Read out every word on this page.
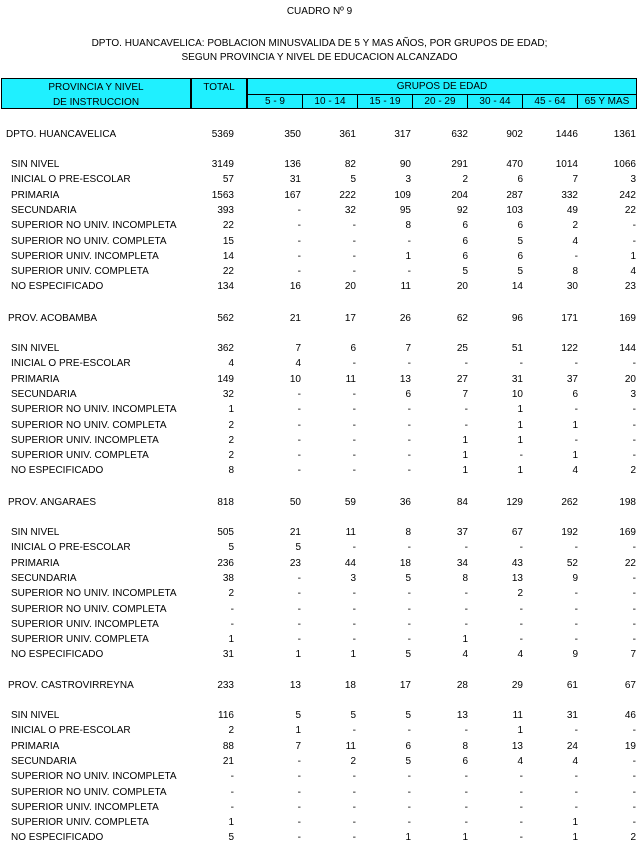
CUADRO Nº 9
DPTO. HUANCAVELICA: POBLACION MINUSVALIDA DE 5 Y MAS AÑOS, POR GRUPOS DE EDAD;
SEGUN PROVINCIA Y NIVEL DE EDUCACION ALCANZADO
PROVINCIA Y NIVEL
DE INSTRUCCION
TOTAL	GRUPOS DE EDAD
5 - 9	10 - 14	15 - 19	20 - 29	30 - 44	45 - 64	65 Y MAS
DPTO. HUANCAVELICA	5369	350	361	317	632	902	1446	1361
SIN NIVEL	3149	136	82	90	291	470	1014	1066
INICIAL O PRE-ESCOLAR	57	31	5	3	2	6	7	3
PRIMARIA	1563	167	222	109	204	287	332	242
SECUNDARIA	393	-	32	95	92	103	49	22
SUPERIOR NO UNIV. INCOMPLETA	22	-	-	8	6	6	2	-
SUPERIOR NO UNIV. COMPLETA	15	-	-	-	6	5	4	-
SUPERIOR UNIV. INCOMPLETA	14	-	-	1	6	6	-	1
SUPERIOR UNIV. COMPLETA	22	-	-	-	5	5	8	4
NO ESPECIFICADO	134	16	20	11	20	14	30	23
PROV. ACOBAMBA	562	21	17	26	62	96	171	169
SIN NIVEL	362	7	6	7	25	51	122	144
INICIAL O PRE-ESCOLAR	4	4	-	-	-	-	-	-
PRIMARIA	149	10	11	13	27	31	37	20
SECUNDARIA	32	-	-	6	7	10	6	3
SUPERIOR NO UNIV. INCOMPLETA	1	-	-	-	-	1	-	-
SUPERIOR NO UNIV. COMPLETA	2	-	-	-	-	1	1	-
SUPERIOR UNIV. INCOMPLETA	2	-	-	-	1	1	-	-
SUPERIOR UNIV. COMPLETA	2	-	-	-	1	-	1	-
NO ESPECIFICADO	8	-	-	-	1	1	4	2
PROV. ANGARAES	818	50	59	36	84	129	262	198
SIN NIVEL	505	21	11	8	37	67	192	169
INICIAL O PRE-ESCOLAR	5	5	-	-	-	-	-	-
PRIMARIA	236	23	44	18	34	43	52	22
SECUNDARIA	38	-	3	5	8	13	9	-
SUPERIOR NO UNIV. INCOMPLETA	2	-	-	-	-	2	-	-
SUPERIOR NO UNIV. COMPLETA	-	-	-	-	-	-	-	-
SUPERIOR UNIV. INCOMPLETA	-	-	-	-	-	-	-	-
SUPERIOR UNIV. COMPLETA	1	-	-	-	1	-	-	-
NO ESPECIFICADO	31	1	1	5	4	4	9	7
PROV. CASTROVIRREYNA	233	13	18	17	28	29	61	67
SIN NIVEL	116	5	5	5	13	11	31	46
INICIAL O PRE-ESCOLAR	2	1	-	-	-	1	-	-
PRIMARIA	88	7	11	6	8	13	24	19
SECUNDARIA	21	-	2	5	6	4	4	-
SUPERIOR NO UNIV. INCOMPLETA	-	-	-	-	-	-	-	-
SUPERIOR NO UNIV. COMPLETA	-	-	-	-	-	-	-	-
SUPERIOR UNIV. INCOMPLETA	-	-	-	-	-	-	-	-
SUPERIOR UNIV. COMPLETA	1	-	-	-	-	-	1	-
NO ESPECIFICADO	5	-	-	1	1	-	1	2
